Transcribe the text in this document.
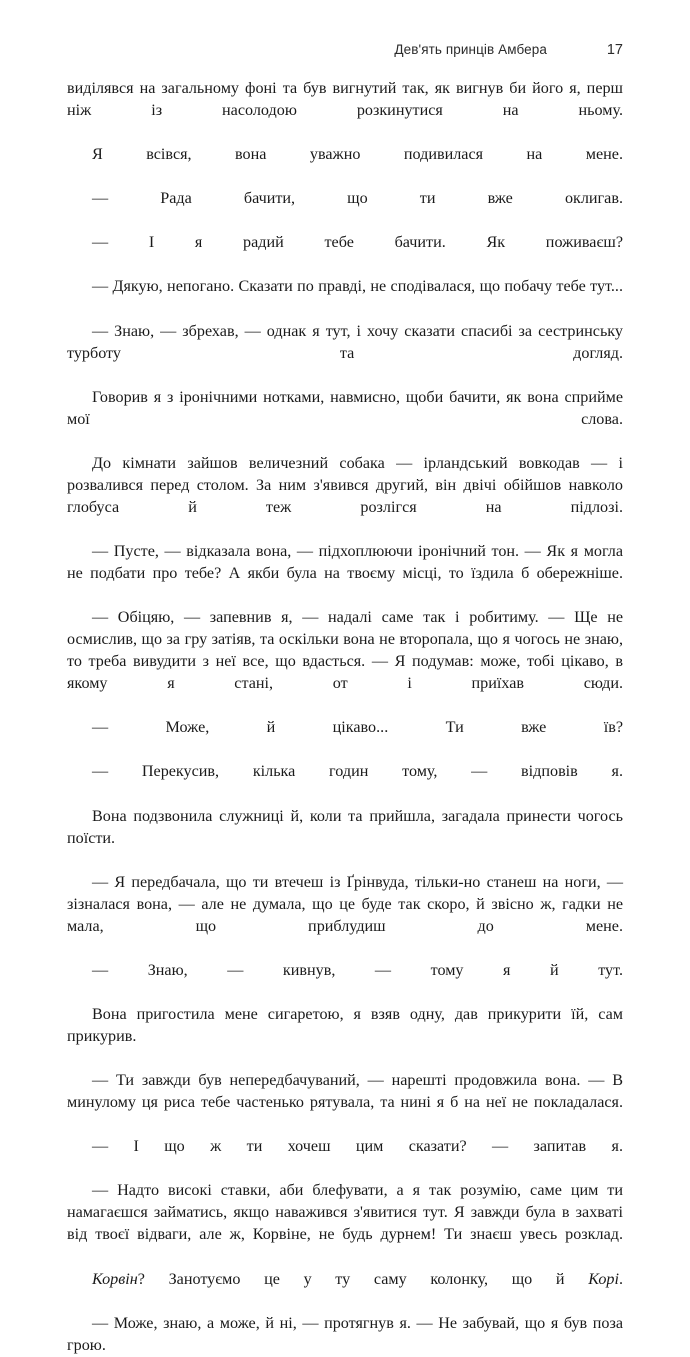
Дев'ять принців Амбера	17

виділявся на загальному фоні та був вигнутий так, як вигнув би його я, перш ніж із насолодою розкинутися на ньому.

Я всівся, вона уважно подивилася на мене.

— Рада бачити, що ти вже оклигав.

— І я радий тебе бачити. Як поживаєш?

— Дякую, непогано. Сказати по правді, не сподівалася, що побачу тебе тут...

— Знаю, — збрехав, — однак я тут, і хочу сказати спасибі за сестринську турботу та догляд.

Говорив я з іронічними нотками, навмисно, щоби бачити, як вона сприйме мої слова.

До кімнати зайшов величезний собака — ірландський вовкодав — і розвалився перед столом. За ним з'явився другий, він двічі обійшов навколо глобуса й теж розлігся на підлозі.

— Пусте, — відказала вона, — підхоплюючи іронічний тон. — Як я могла не подбати про тебе? А якби була на твоєму місці, то їздила б обережніше.

— Обіцяю, — запевнив я, — надалі саме так і робитиму. — Ще не осмислив, що за гру затіяв, та оскільки вона не второпала, що я чогось не знаю, то треба вивудити з неї все, що вдасться. — Я подумав: може, тобі цікаво, в якому я стані, от і приїхав сюди.

— Може, й цікаво... Ти вже їв?

— Перекусив, кілька годин тому, — відповів я.

Вона подзвонила служниці й, коли та прийшла, загадала принести чогось поїсти.

— Я передбачала, що ти втечеш із Ґрінвуда, тільки-но станеш на ноги, — зізналася вона, — але не думала, що це буде так скоро, й звісно ж, гадки не мала, що приблудиш до мене.

— Знаю, — кивнув, — тому я й тут.

Вона пригостила мене сигаретою, я взяв одну, дав прикурити їй, сам прикурив.

— Ти завжди був непередбачуваний, — нарешті продовжила вона. — В минулому ця риса тебе частенько рятувала, та нині я б на неї не покладалася.

— І що ж ти хочеш цим сказати? — запитав я.

— Надто високі ставки, аби блефувати, а я так розумію, саме цим ти намагаєшся займатись, якщо наважився з'явитися тут. Я завжди була в захваті від твоєї відваги, але ж, Корвіне, не будь дурнем! Ти знаєш увесь розклад.

Корвін? Занотуємо це у ту саму колонку, що й Корі.

— Може, знаю, а може, й ні, — протягнув я. — Не забувай, що я був поза грою.
